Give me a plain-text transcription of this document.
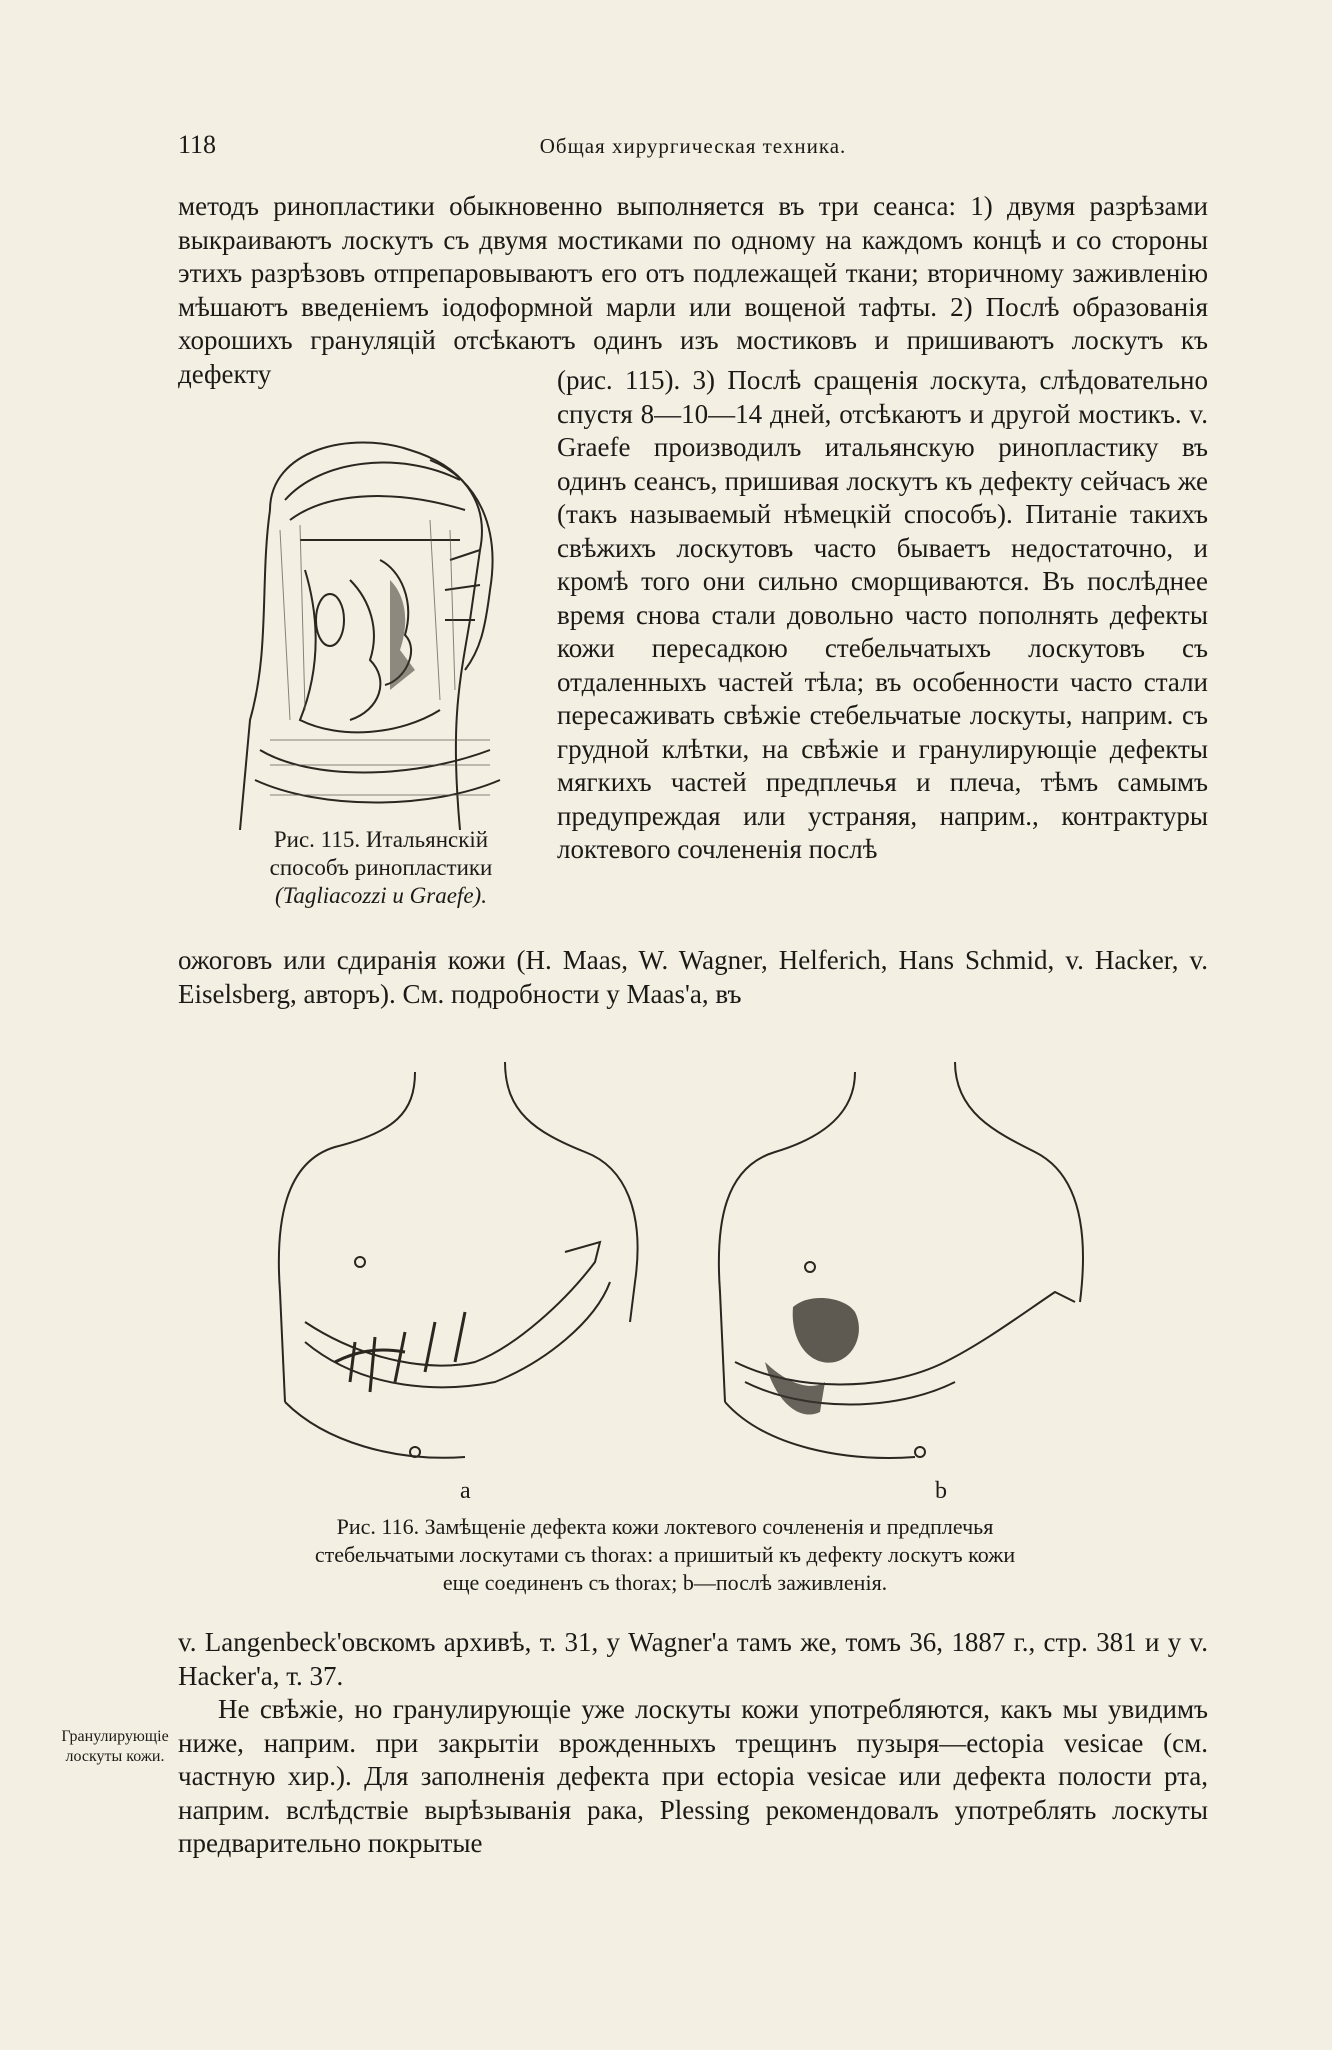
118	Общая хирургическая техника.

методъ ринопластики обыкновенно выполняется въ три сеанса: 1) двумя разрѣзами выкраиваютъ лоскутъ съ двумя мостиками по одному на каждомъ концѣ и со стороны этихъ разрѣзовъ отпрепаровываютъ его отъ подлежащей ткани; вторичному заживленію мѣшаютъ введеніемъ іодоформной марли или вощеной тафты. 2) Послѣ образованія хорошихъ грануляцій отсѣкаютъ одинъ изъ мостиковъ и пришиваютъ лоскутъ къ дефекту	(рис. 115). 3) Послѣ сращенія лоскута, слѣдовательно спустя 8—10—14 дней, отсѣкаютъ и другой мостикъ. v. Graefe производилъ итальянскую ринопластику въ одинъ сеансъ, пришивая лоскутъ къ дефекту сейчасъ же (такъ называемый нѣмецкій способъ). Питаніе такихъ свѣжихъ лоскутовъ часто бываетъ недостаточно, и кромѣ того они сильно сморщиваются. Въ послѣднее время снова стали довольно часто пополнять дефекты кожи пересадкою стебельчатыхъ лоскутовъ съ отдаленныхъ частей тѣла; въ особенности часто стали пересаживать свѣжіе стебельчатые лоскуты, наприм. съ грудной клѣтки, на свѣжіе и гранулирующіе дефекты мягкихъ частей предплечья и плеча, тѣмъ самымъ предупреждая или устраняя, наприм., контрактуры локтевого сочлененія послѣ

Рис. 115. Итальянскій
способъ ринопластики
(Tagliacozzi и Graefe).

ожоговъ или сдиранія кожи (H. Maas, W. Wagner, Helferich, Hans Schmid, v. Hacker, v. Eiselsberg, авторъ). См. подробности у Maas'а, въ

a	b
Рис. 116. Замѣщеніе дефекта кожи локтевого сочлененія и предплечья стебельчатыми лоскутами съ thorax: a пришитый къ дефекту лоскутъ кожи еще соединенъ съ thorax; b—послѣ заживленія.

v. Langenbeck'овскомъ архивѣ, т. 31, у Wagner'а тамъ же, томъ 36, 1887 г., стр. 381 и у v. Hacker'а, т. 37.

Не свѣжіе, но гранулирующіе уже лоскуты кожи употребляются, какъ мы увидимъ ниже, наприм. при закрытіи врожденныхъ трещинъ пузыря—ectopia vesicae (см. частную хир.). Для заполненія дефекта при ectopia vesicae или дефекта полости рта, наприм. вслѣдствіе вырѣзыванія рака, Plessing рекомендовалъ употреблять лоскуты предварительно покрытые

Гранулирующіе лоскуты кожи.
